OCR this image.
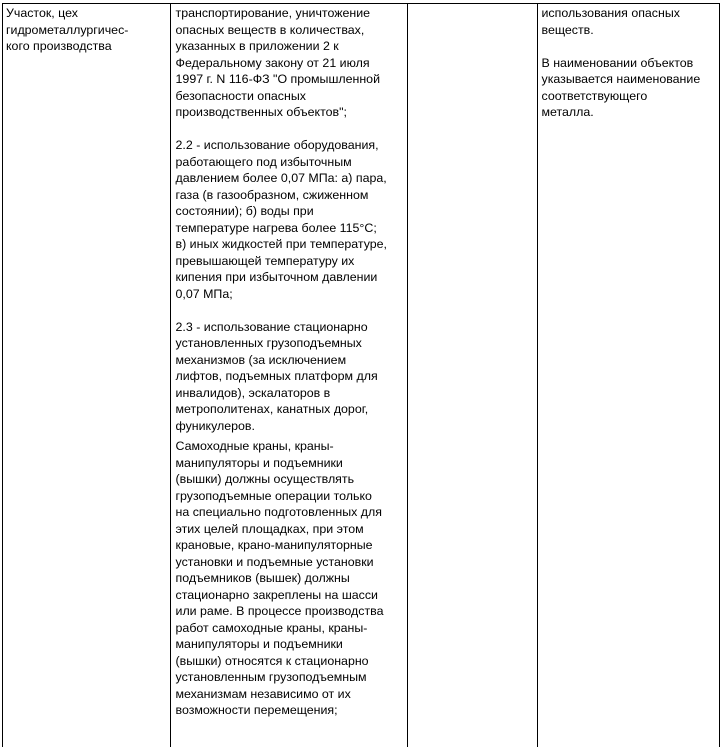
Участок, цех
гидрометаллургичес-
кого производства

транспортирование, уничтожение
опасных веществ в количествах,
указанных в приложении 2 к
Федеральному закону от 21 июля
1997 г. N 116-ФЗ "О промышленной
безопасности опасных
производственных объектов";

2.2 - использование оборудования,
работающего под избыточным
давлением более 0,07 МПа: а) пара,
газа (в газообразном, сжиженном
состоянии); б) воды при
температуре нагрева более 115°С;
в) иных жидкостей при температуре,
превышающей температуру их
кипения при избыточном давлении
0,07 МПа;

2.3 - использование стационарно
установленных грузоподъемных
механизмов (за исключением
лифтов, подъемных платформ для
инвалидов), эскалаторов в
метрополитенах, канатных дорог,
фуникулеров.

Самоходные краны, краны-
манипуляторы и подъемники
(вышки) должны осуществлять
грузоподъемные операции только
на специально подготовленных для
этих целей площадках, при этом
крановые, крано-манипуляторные
установки и подъемные установки
подъемников (вышек) должны
стационарно закреплены на шасси
или раме. В процессе производства
работ самоходные краны, краны-
манипуляторы и подъемники
(вышки) относятся к стационарно
установленным грузоподъемным
механизмам независимо от их
возможности перемещения;

использования опасных
веществ.

В наименовании объектов
указывается наименование
соответствующего
металла.
